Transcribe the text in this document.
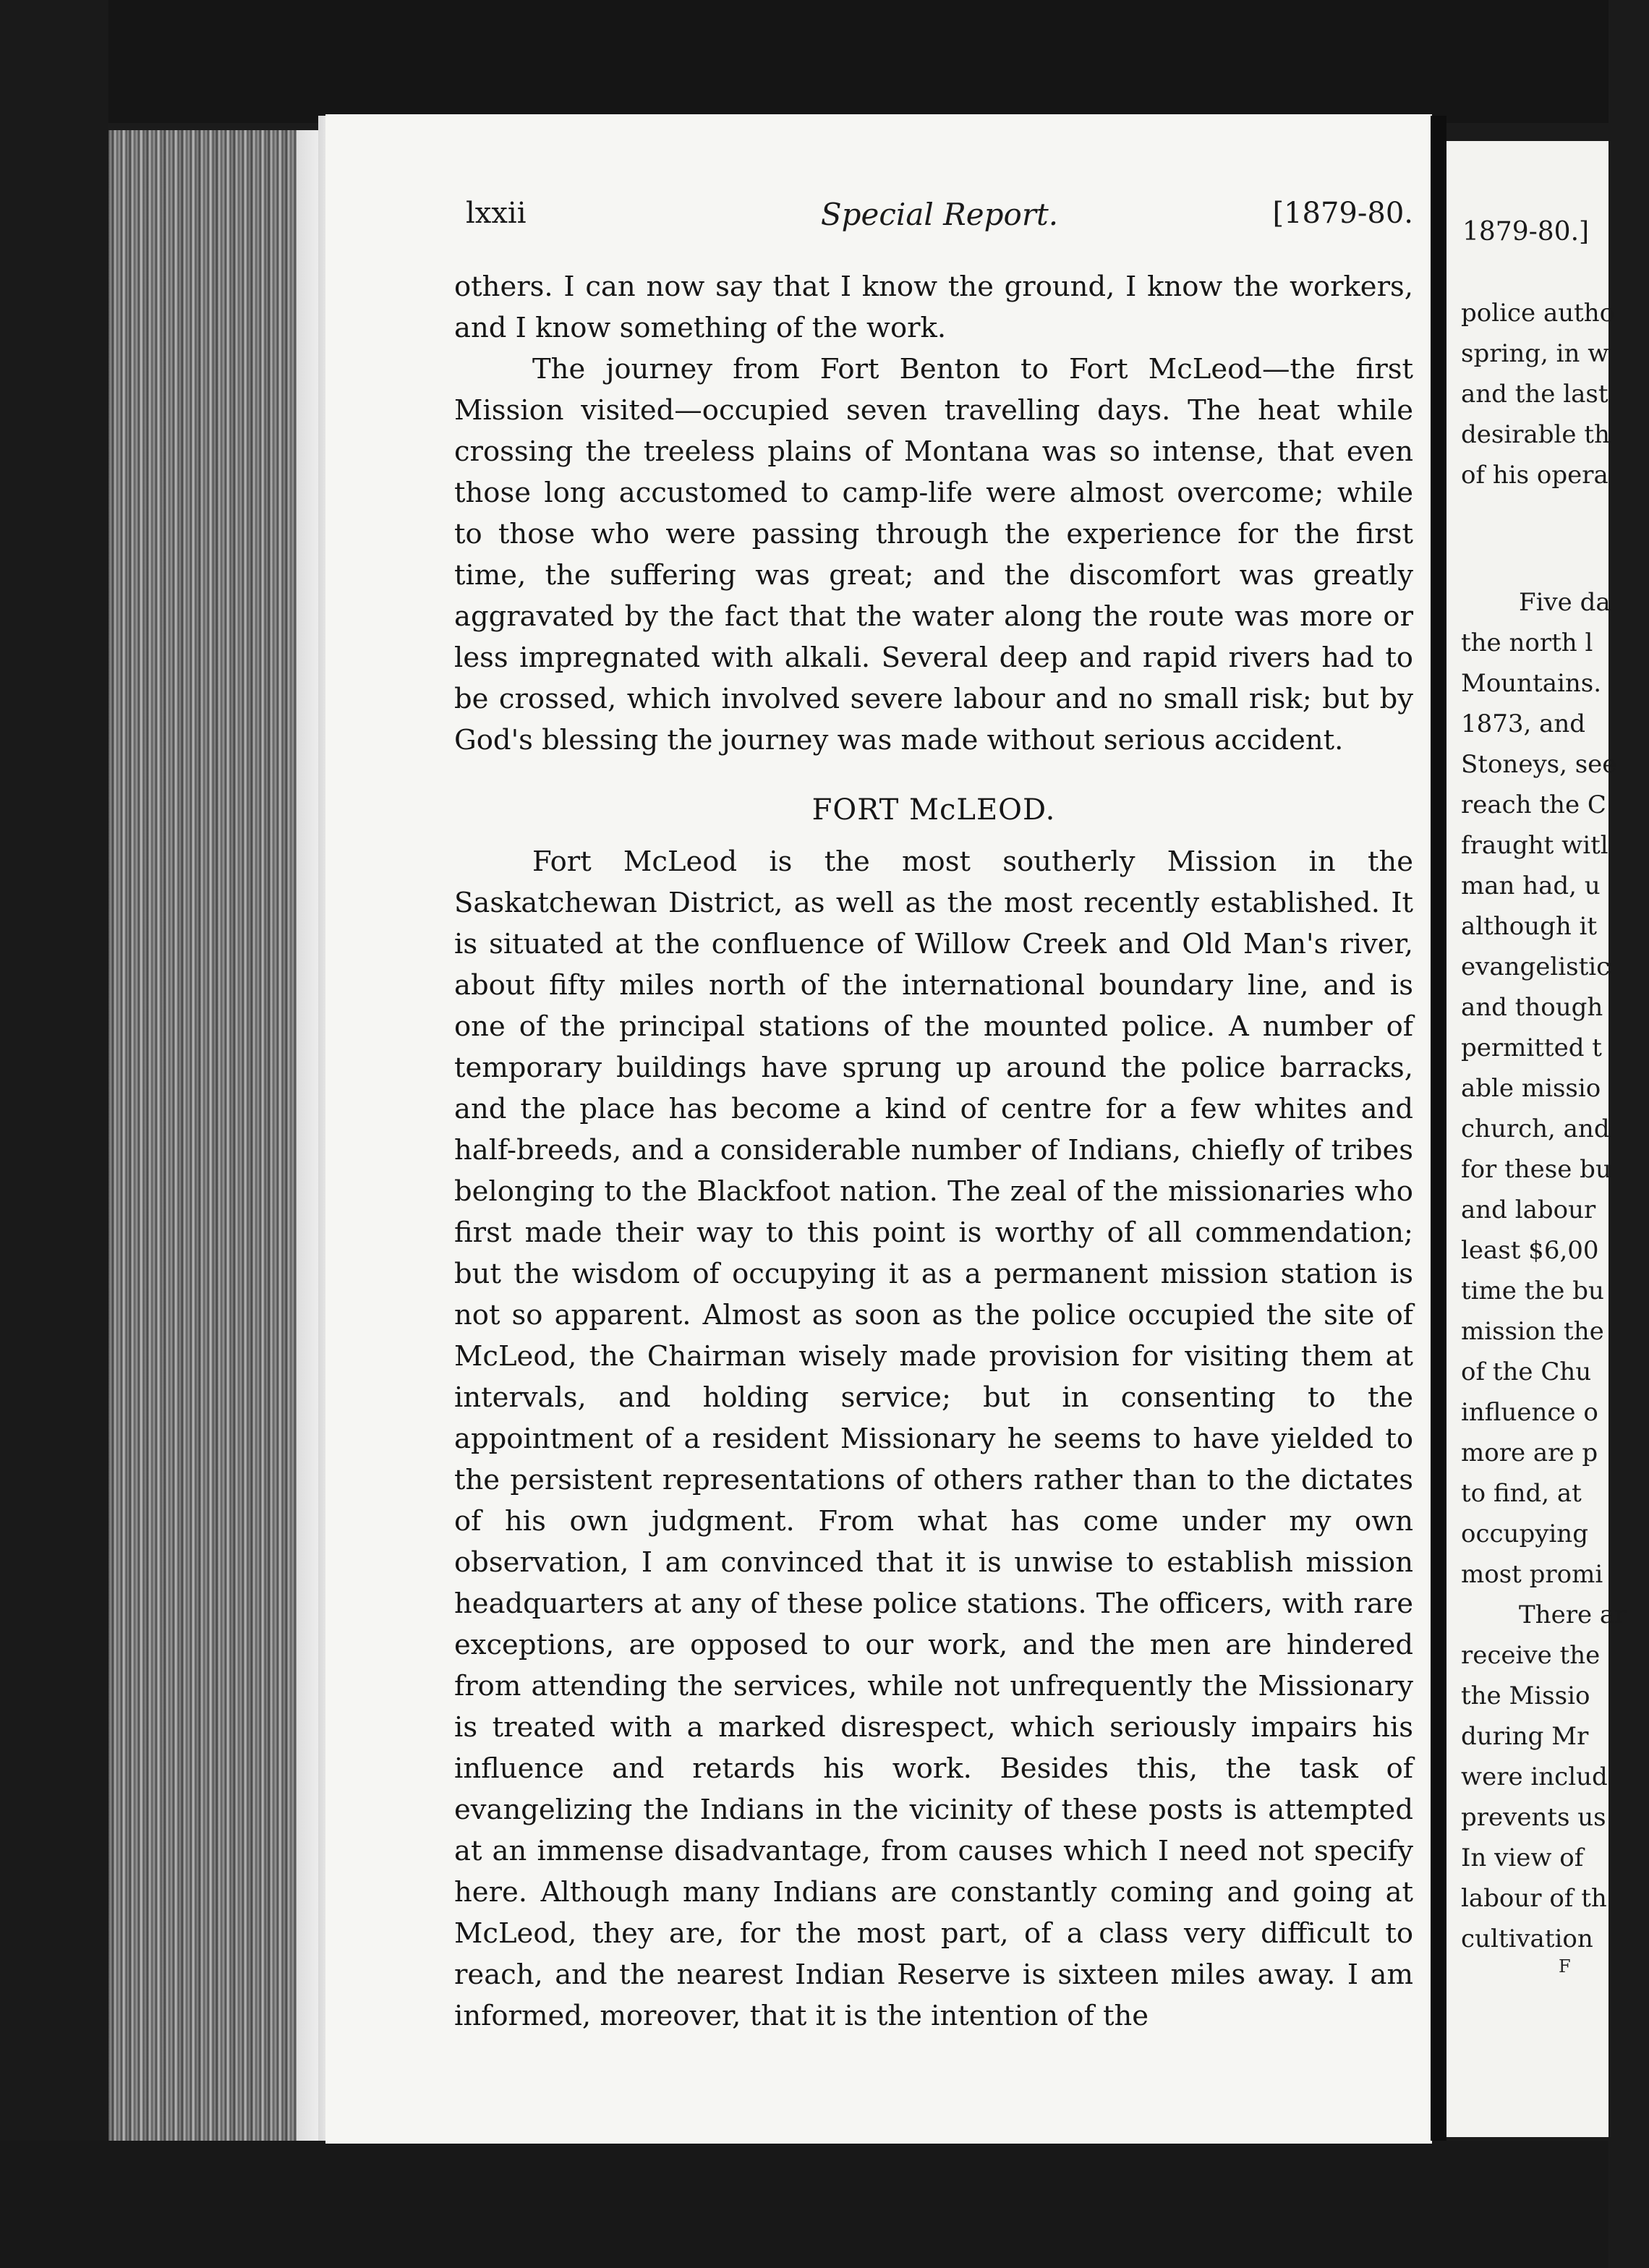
1879-80.]
police autho
spring, in w
and the last
desirable th
of his opera
Five da
the north l
Mountains.
1873, and
Stoneys, see
reach the C
fraught witl
man had, u
although it
evangelistic
and though
permitted t
able missio
church, and
for these bu
and labour
least $6,00
time the bu
mission the
of the Chu
influence o
more are p
to find, at
occupying
most promi
There ar
receive the
the Missio
during Mr
were includ
prevents us
In view of
labour of th
cultivation
F
lxxii	Special Report.	[1879-80.

others. I can now say that I know the ground, I know the workers, and I know something of the work.

The journey from Fort Benton to Fort McLeod—the first Mission visited—occupied seven travelling days. The heat while crossing the treeless plains of Montana was so intense, that even those long accustomed to camp-life were almost overcome; while to those who were passing through the experience for the first time, the suffering was great; and the discomfort was greatly aggravated by the fact that the water along the route was more or less impregnated with alkali. Several deep and rapid rivers had to be crossed, which involved severe labour and no small risk; but by God's blessing the journey was made without serious accident.

FORT McLEOD.

Fort McLeod is the most southerly Mission in the Saskatchewan District, as well as the most recently established. It is situated at the confluence of Willow Creek and Old Man's river, about fifty miles north of the international boundary line, and is one of the principal stations of the mounted police. A number of temporary buildings have sprung up around the police barracks, and the place has become a kind of centre for a few whites and half-breeds, and a considerable number of Indians, chiefly of tribes belonging to the Blackfoot nation. The zeal of the missionaries who first made their way to this point is worthy of all commendation; but the wisdom of occupying it as a permanent mission station is not so apparent. Almost as soon as the police occupied the site of McLeod, the Chairman wisely made provision for visiting them at intervals, and holding service; but in consenting to the appointment of a resident Missionary he seems to have yielded to the persistent representations of others rather than to the dictates of his own judgment. From what has come under my own observation, I am convinced that it is unwise to establish mission headquarters at any of these police stations. The officers, with rare exceptions, are opposed to our work, and the men are hindered from attending the services, while not unfrequently the Missionary is treated with a marked disrespect, which seriously impairs his influence and retards his work. Besides this, the task of evangelizing the Indians in the vicinity of these posts is attempted at an immense disadvantage, from causes which I need not specify here. Although many Indians are constantly coming and going at McLeod, they are, for the most part, of a class very difficult to reach, and the nearest Indian Reserve is sixteen miles away. I am informed, moreover, that it is the intention of the
